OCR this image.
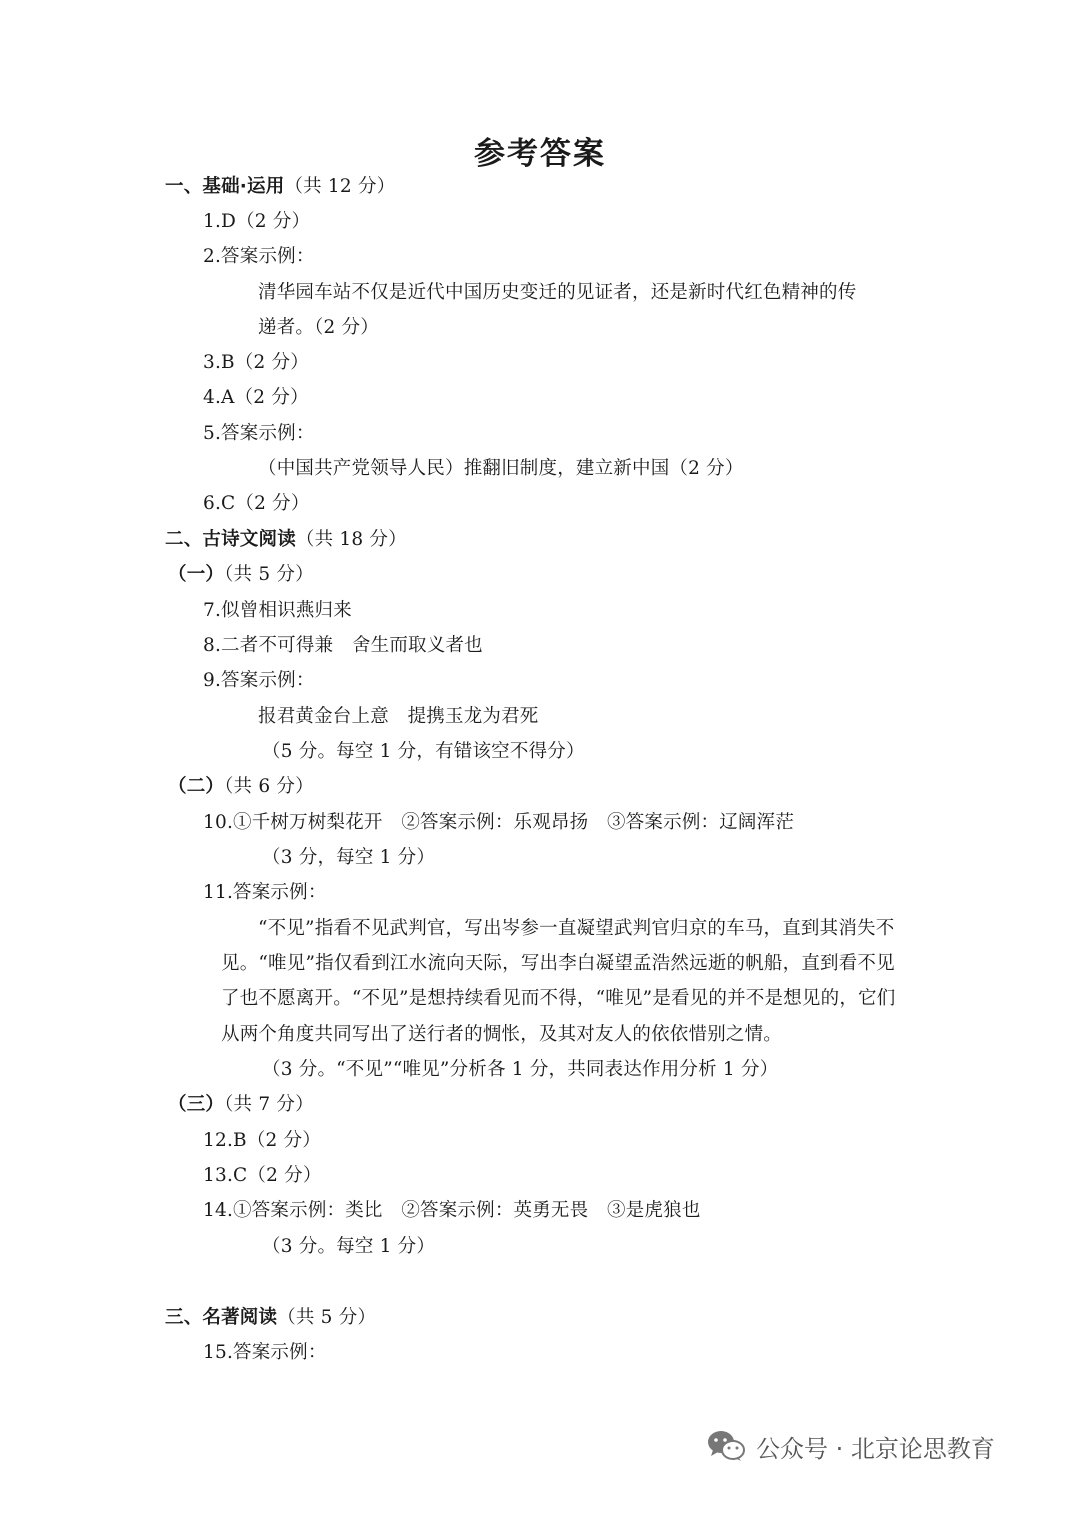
参考答案
一、基础·运用（共 12 分）
1.D（2 分）
2.答案示例：
清华园车站不仅是近代中国历史变迁的见证者，还是新时代红色精神的传
递者。（2 分）
3.B（2 分）
4.A（2 分）
5.答案示例：
（中国共产党领导人民）推翻旧制度，建立新中国（2 分）
6.C（2 分）
二、古诗文阅读（共 18 分）
（一）（共 5 分）
7.似曾相识燕归来
8.二者不可得兼　舍生而取义者也
9.答案示例：
报君黄金台上意　提携玉龙为君死
（5 分。每空 1 分，有错该空不得分）
（二）（共 6 分）
10.①千树万树梨花开　②答案示例：乐观昂扬　③答案示例：辽阔浑茫
（3 分，每空 1 分）
11.答案示例：
“不见”指看不见武判官，写出岑参一直凝望武判官归京的车马，直到其消失不
见。“唯见”指仅看到江水流向天际，写出李白凝望孟浩然远逝的帆船，直到看不见
了也不愿离开。“不见”是想持续看见而不得，“唯见”是看见的并不是想见的，它们
从两个角度共同写出了送行者的惆怅，及其对友人的依依惜别之情。
（3 分。“不见”“唯见”分析各 1 分，共同表达作用分析 1 分）
（三）（共 7 分）
12.B（2 分）
13.C（2 分）
14.①答案示例：类比　②答案示例：英勇无畏　③是虎狼也
（3 分。每空 1 分）
三、名著阅读（共 5 分）
15.答案示例：
公众号 · 北京论思教育
